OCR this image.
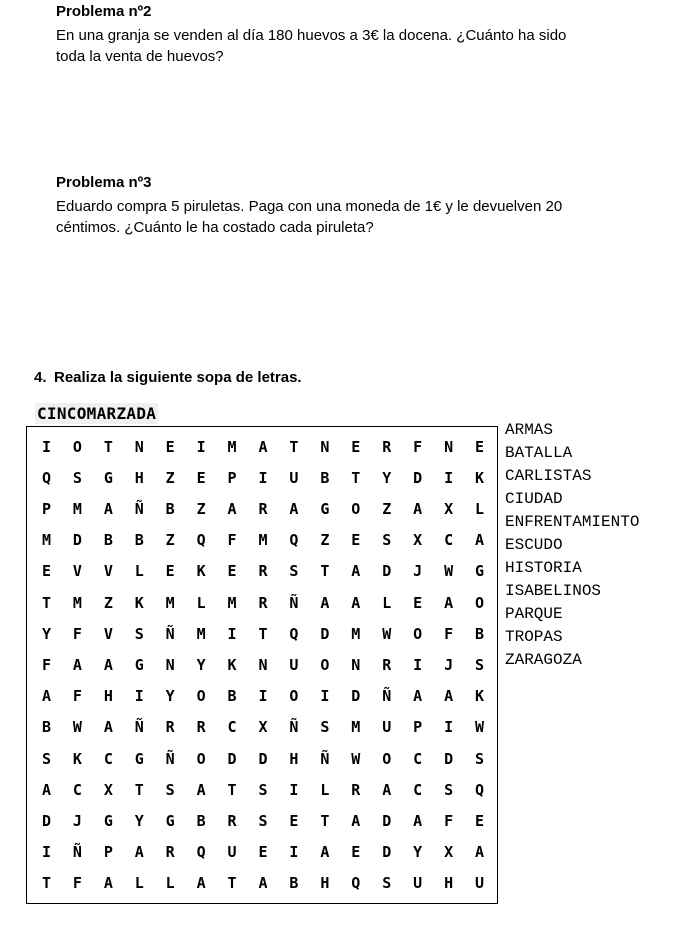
Problema nº2

En una granja se venden al día 180 huevos a 3€ la docena. ¿Cuánto ha sido toda la venta de huevos?

Problema nº3

Eduardo compra 5 piruletas. Paga con una moneda de 1€ y le devuelven 20 céntimos. ¿Cuánto le ha costado cada piruleta?

4. Realiza la siguiente sopa de letras.
CINCOMARZADA
I	O	T	N	E	I	M	A	T	N	E	R	F	N	E
Q	S	G	H	Z	E	P	I	U	B	T	Y	D	I	K
P	M	A	Ñ	B	Z	A	R	A	G	O	Z	A	X	L
M	D	B	B	Z	Q	F	M	Q	Z	E	S	X	C	A
E	V	V	L	E	K	E	R	S	T	A	D	J	W	G
T	M	Z	K	M	L	M	R	Ñ	A	A	L	E	A	O
Y	F	V	S	Ñ	M	I	T	Q	D	M	W	O	F	B
F	A	A	G	N	Y	K	N	U	O	N	R	I	J	S
A	F	H	I	Y	O	B	I	O	I	D	Ñ	A	A	K
B	W	A	Ñ	R	R	C	X	Ñ	S	M	U	P	I	W
S	K	C	G	Ñ	O	D	D	H	Ñ	W	O	C	D	S
A	C	X	T	S	A	T	S	I	L	R	A	C	S	Q
D	J	G	Y	G	B	R	S	E	T	A	D	A	F	E
I	Ñ	P	A	R	Q	U	E	I	A	E	D	Y	X	A
T	F	A	L	L	A	T	A	B	H	Q	S	U	H	U
ARMAS
BATALLA
CARLISTAS
CIUDAD
ENFRENTAMIENTO
ESCUDO
HISTORIA
ISABELINOS
PARQUE
TROPAS
ZARAGOZA
